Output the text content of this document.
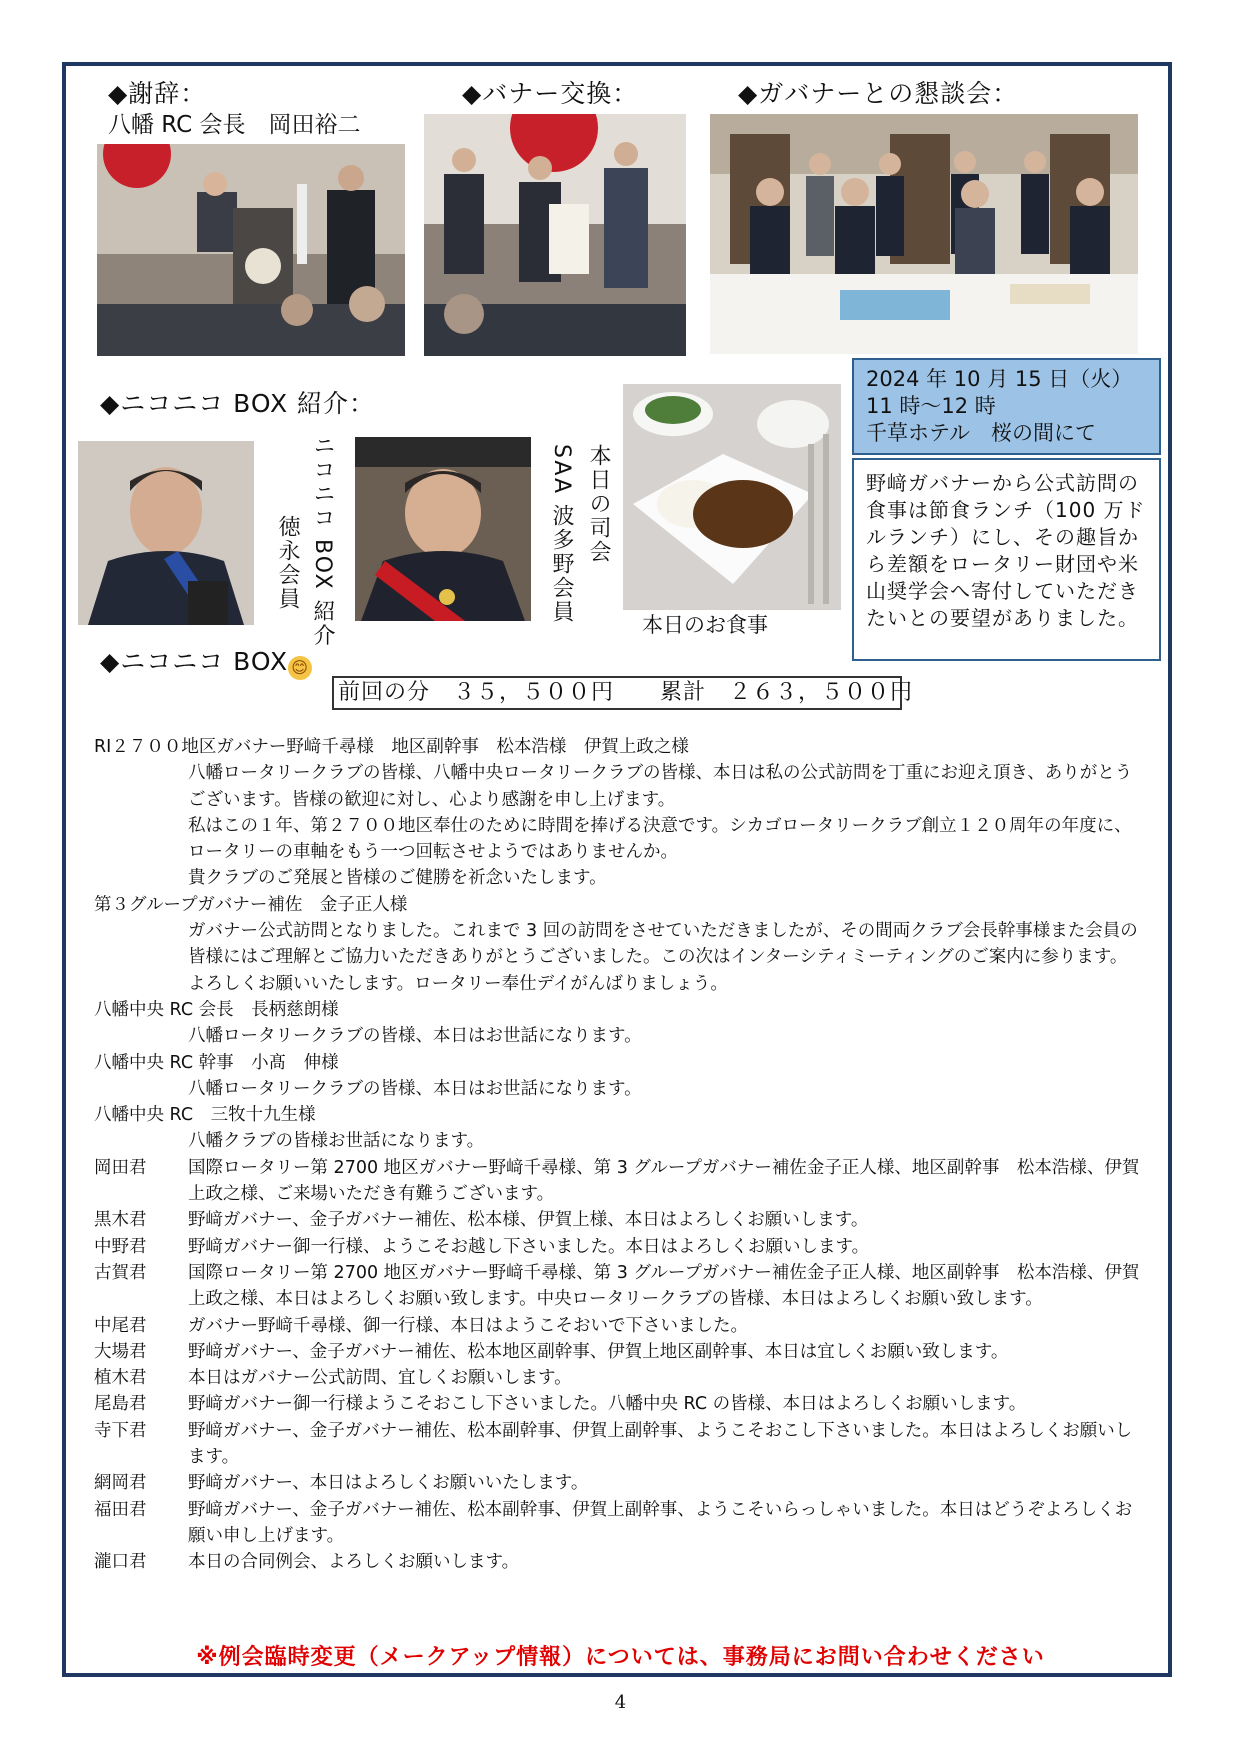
◆謝辞：
八幡 RC 会長　岡田裕二
◆バナー交換：	◆ガバナーとの懇談会：
◆ニコニコ BOX 紹介：
ニコニコ BOX 紹介
徳永会員	本日の司会
SAA 波多野会員
本日のお食事
2024 年 10 月 15 日（火）
11 時～12 時
千草ホテル　桜の間にて
野﨑ガバナーから公式訪問の食事は節食ランチ（100 万ドルランチ）にし、その趣旨から差額をロータリー財団や米山奨学会へ寄付していただきたいとの要望がありました。
◆ニコニコ BOX 😊
前回の分　３５，５００円　　累計　２６３，５００円
RI２７００地区ガバナー野﨑千尋様　地区副幹事　松本浩様　伊賀上政之様
八幡ロータリークラブの皆様、八幡中央ロータリークラブの皆様、本日は私の公式訪問を丁重にお迎え頂き、ありがとうございます。皆様の歓迎に対し、心より感謝を申し上げます。
私はこの１年、第２７００地区奉仕のために時間を捧げる決意です。シカゴロータリークラブ創立１２０周年の年度に、ロータリーの車軸をもう一つ回転させようではありませんか。
貴クラブのご発展と皆様のご健勝を祈念いたします。
第３グループガバナー補佐　金子正人様
ガバナー公式訪問となりました。これまで 3 回の訪問をさせていただきましたが、その間両クラブ会長幹事様また会員の皆様にはご理解とご協力いただきありがとうございました。この次はインターシティミーティングのご案内に参ります。よろしくお願いいたします。ロータリー奉仕デイがんばりましょう。
八幡中央 RC 会長　長柄慈朗様
八幡ロータリークラブの皆様、本日はお世話になります。
八幡中央 RC 幹事　小髙　伸様
八幡ロータリークラブの皆様、本日はお世話になります。
八幡中央 RC　三牧十九生様
八幡クラブの皆様お世話になります。
岡田君	国際ロータリー第 2700 地区ガバナー野﨑千尋様、第 3 グループガバナー補佐金子正人様、地区副幹事　松本浩様、伊賀上政之様、ご来場いただき有難うございます。
黒木君	野﨑ガバナー、金子ガバナー補佐、松本様、伊賀上様、本日はよろしくお願いします。
中野君	野﨑ガバナー御一行様、ようこそお越し下さいました。本日はよろしくお願いします。
古賀君	国際ロータリー第 2700 地区ガバナー野﨑千尋様、第 3 グループガバナー補佐金子正人様、地区副幹事　松本浩様、伊賀上政之様、本日はよろしくお願い致します。中央ロータリークラブの皆様、本日はよろしくお願い致します。
中尾君	ガバナー野﨑千尋様、御一行様、本日はようこそおいで下さいました。
大場君	野﨑ガバナー、金子ガバナー補佐、松本地区副幹事、伊賀上地区副幹事、本日は宜しくお願い致します。
植木君	本日はガバナー公式訪問、宜しくお願いします。
尾島君	野﨑ガバナー御一行様ようこそおこし下さいました。八幡中央 RC の皆様、本日はよろしくお願いします。
寺下君	野﨑ガバナー、金子ガバナー補佐、松本副幹事、伊賀上副幹事、ようこそおこし下さいました。本日はよろしくお願いします。
網岡君	野﨑ガバナー、本日はよろしくお願いいたします。
福田君	野﨑ガバナー、金子ガバナー補佐、松本副幹事、伊賀上副幹事、ようこそいらっしゃいました。本日はどうぞよろしくお願い申し上げます。
瀧口君	本日の合同例会、よろしくお願いします。
※例会臨時変更（メークアップ情報）については、事務局にお問い合わせください
4
